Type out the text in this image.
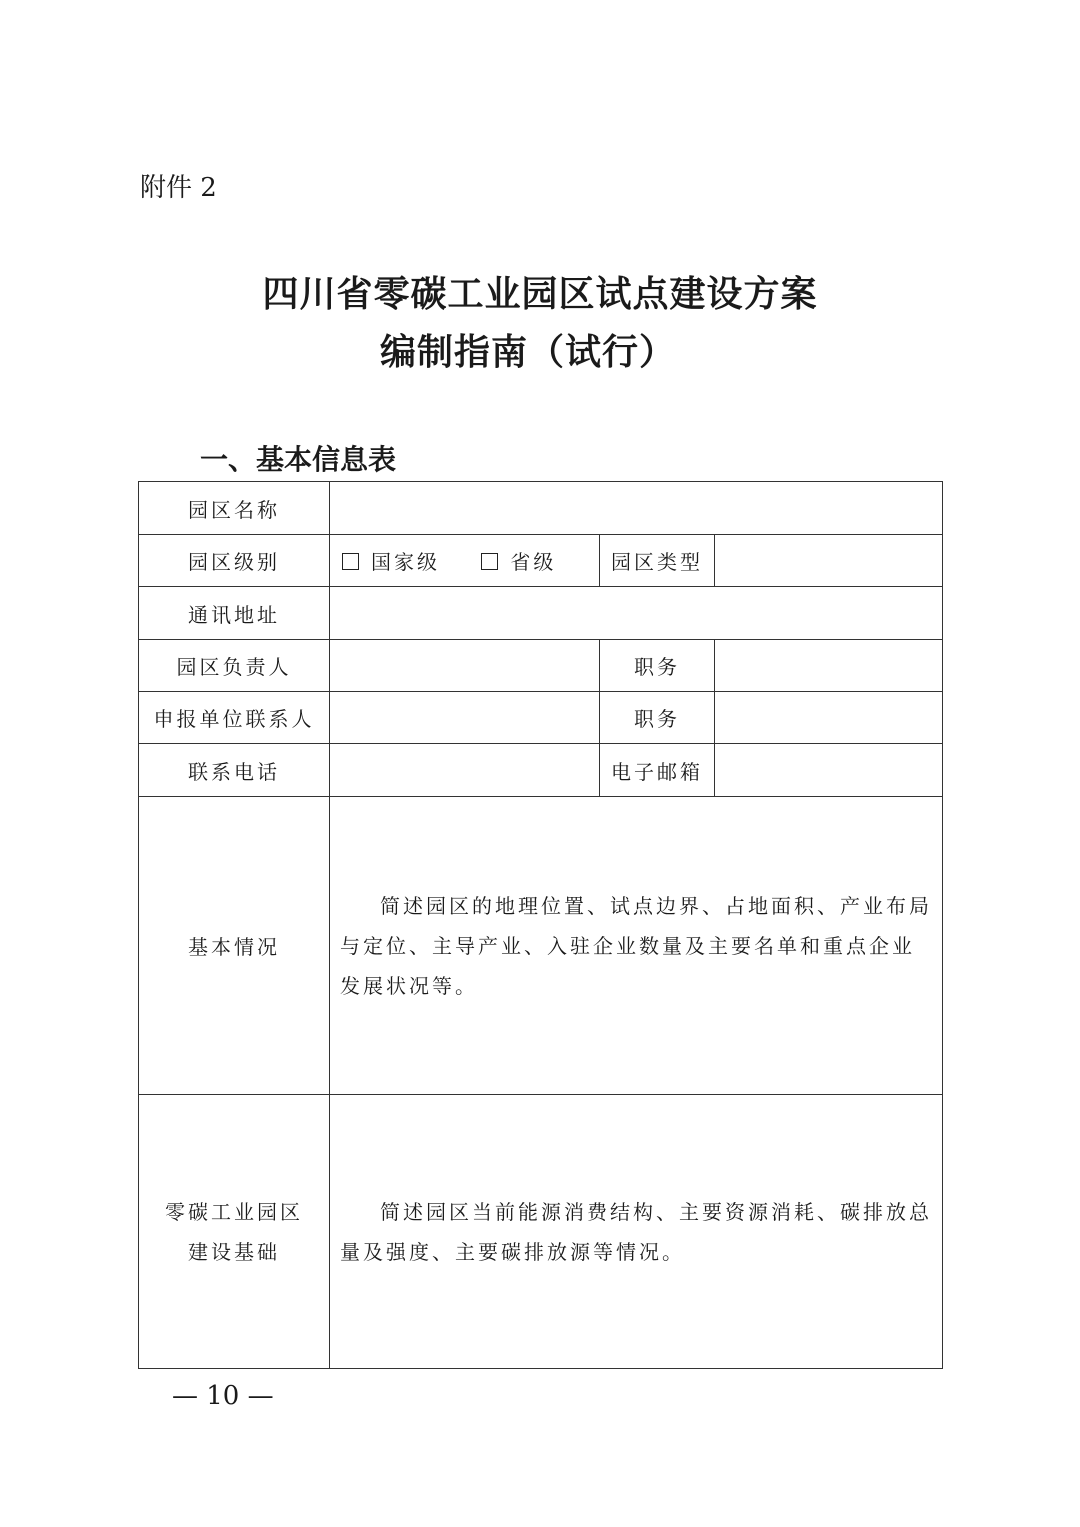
附件 2
四川省零碳工业园区试点建设方案
编制指南（试行）
一、基本信息表
园区名称			
园区级别	国家级 省级	园区类型	
通讯地址			
园区负责人		职务	
申报单位联系人		职务	
联系电话		电子邮箱	
基本情况	简述园区的地理位置、试点边界、占地面积、产业布局与定位、主导产业、入驻企业数量及主要名单和重点企业发展状况等。		

零碳工业园区
建设基础	简述园区当前能源消费结构、主要资源消耗、碳排放总量及强度、主要碳排放源等情况。		

— 10 —
